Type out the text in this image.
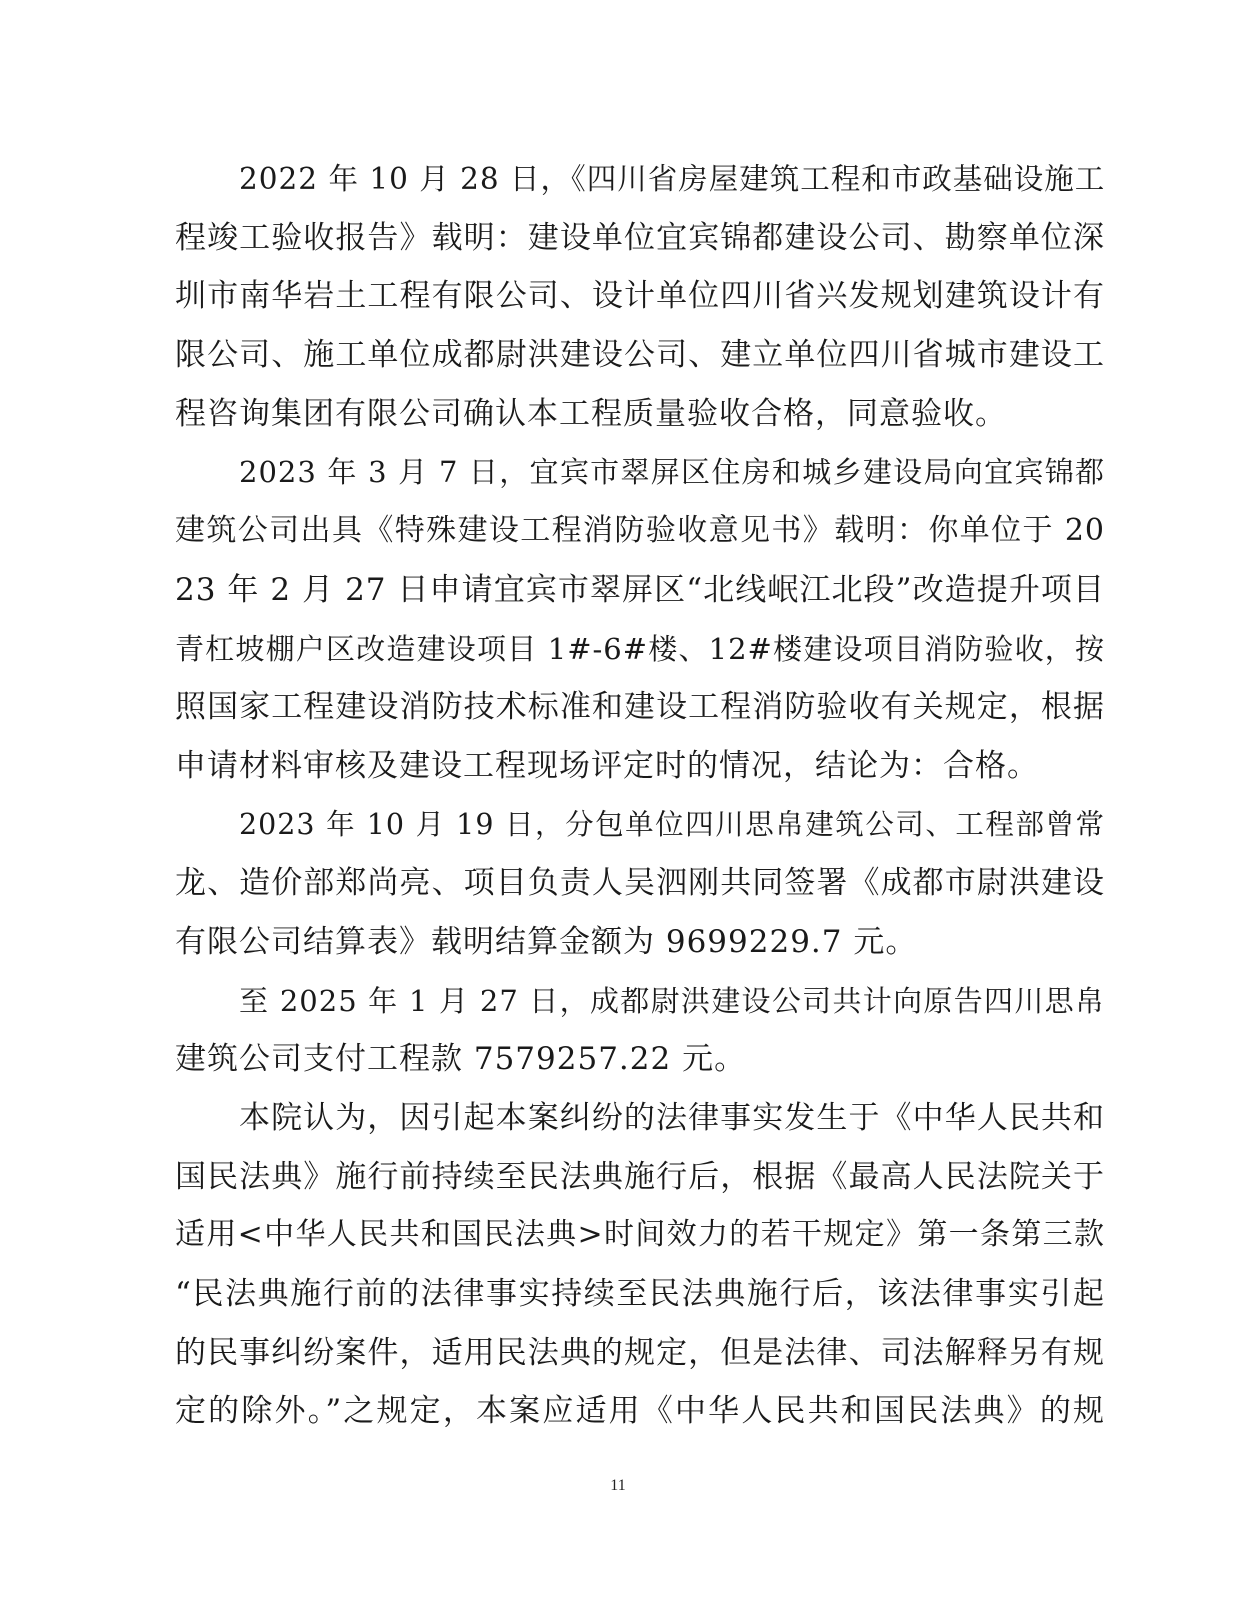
2022 年 10 月 28 日，《四川省房屋建筑工程和市政基础设施工
程竣工验收报告》载明：建设单位宜宾锦都建设公司、勘察单位深
圳市南华岩土工程有限公司、设计单位四川省兴发规划建筑设计有
限公司、施工单位成都尉洪建设公司、建立单位四川省城市建设工
程咨询集团有限公司确认本工程质量验收合格，同意验收。
2023 年 3 月 7 日，宜宾市翠屏区住房和城乡建设局向宜宾锦都
建筑公司出具《特殊建设工程消防验收意见书》载明：你单位于 20
23 年 2 月 27 日申请宜宾市翠屏区“北线岷江北段”改造提升项目
青杠坡棚户区改造建设项目 1#-6#楼、12#楼建设项目消防验收，按
照国家工程建设消防技术标准和建设工程消防验收有关规定，根据
申请材料审核及建设工程现场评定时的情况，结论为：合格。
2023 年 10 月 19 日，分包单位四川思帛建筑公司、工程部曾常
龙、造价部郑尚亮、项目负责人吴泗刚共同签署《成都市尉洪建设
有限公司结算表》载明结算金额为 9699229.7 元。
至 2025 年 1 月 27 日，成都尉洪建设公司共计向原告四川思帛
建筑公司支付工程款 7579257.22 元。
本院认为，因引起本案纠纷的法律事实发生于《中华人民共和
国民法典》施行前持续至民法典施行后，根据《最高人民法院关于
适用<中华人民共和国民法典>时间效力的若干规定》第一条第三款
“民法典施行前的法律事实持续至民法典施行后，该法律事实引起
的民事纠纷案件，适用民法典的规定，但是法律、司法解释另有规
定的除外。”之规定，本案应适用《中华人民共和国民法典》的规
11
